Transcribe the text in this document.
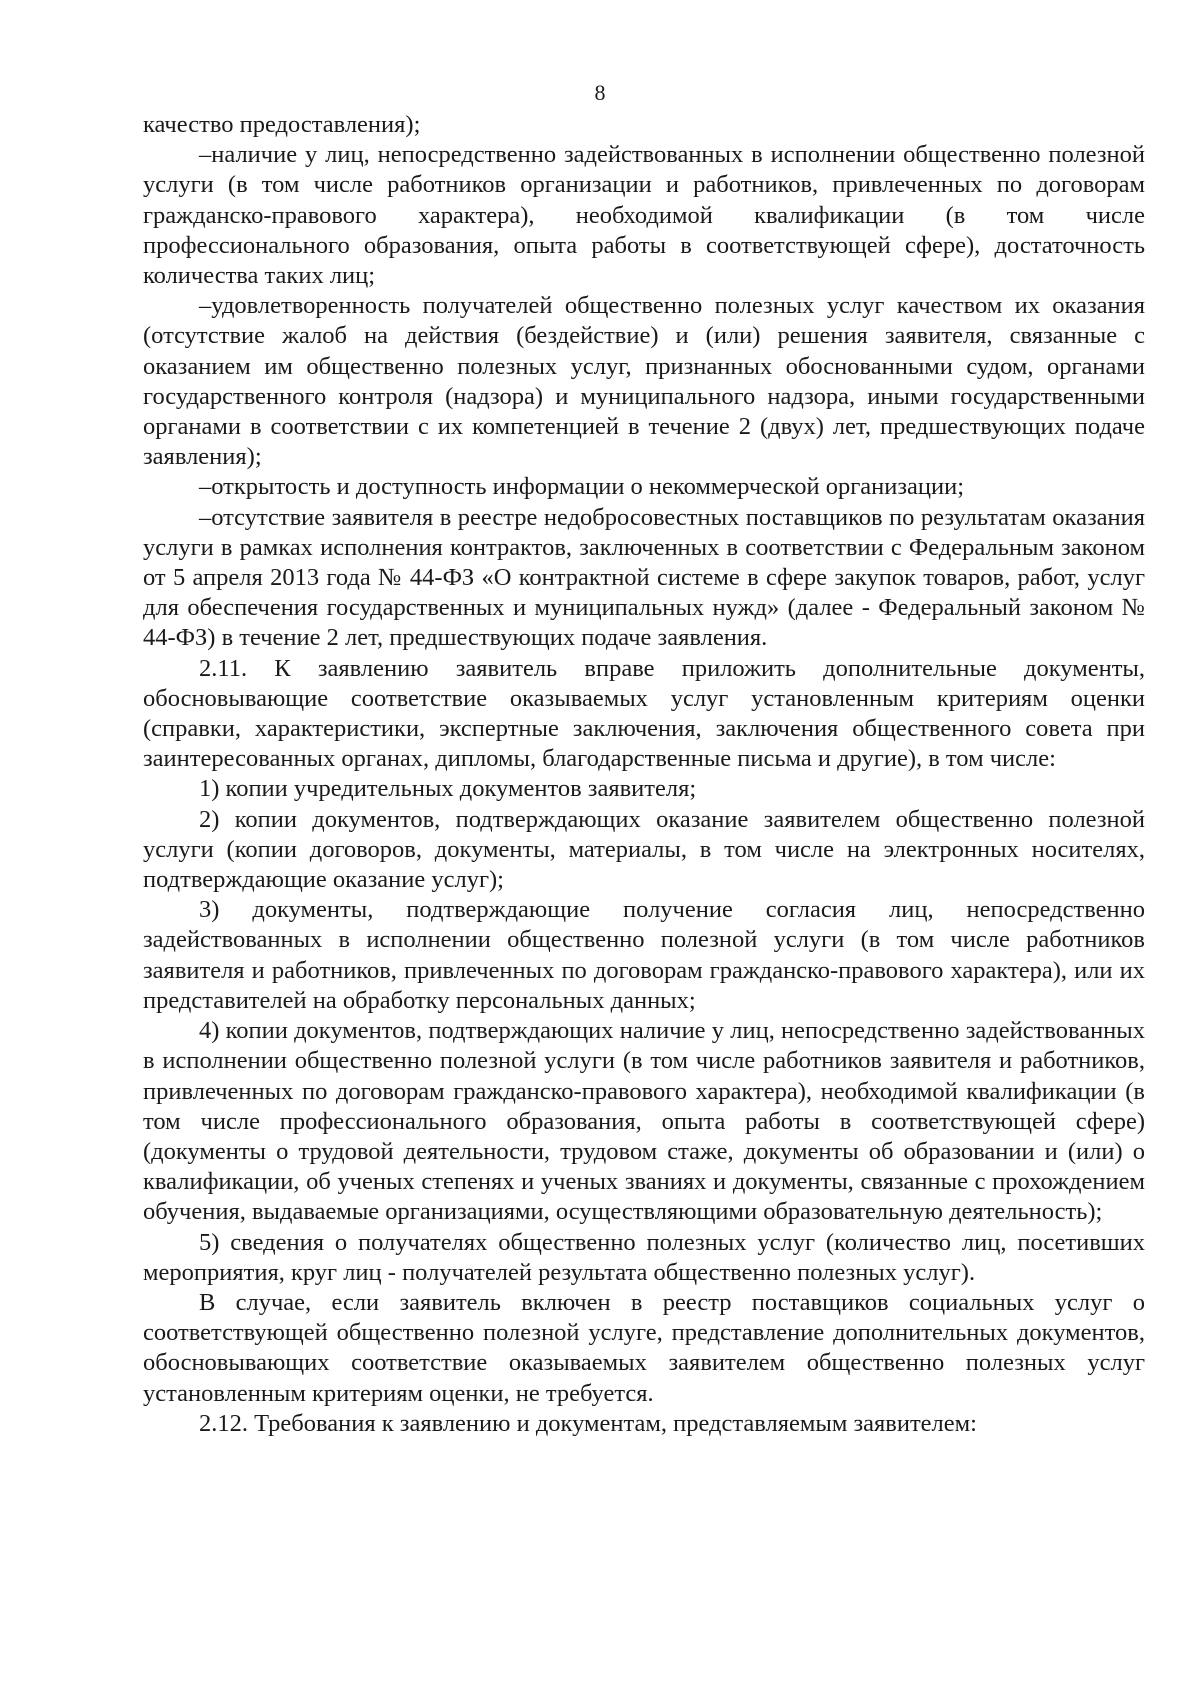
8

качество предоставления);

–наличие у лиц, непосредственно задействованных в исполнении общественно полезной услуги (в том числе работников организации и работников, привлеченных по договорам гражданско-правового характера), необходимой квалификации (в том числе профессионального образования, опыта работы в соответствующей сфере), достаточность количества таких лиц;

–удовлетворенность получателей общественно полезных услуг качеством их оказания (отсутствие жалоб на действия (бездействие) и (или) решения заявителя, связанные с оказанием им общественно полезных услуг, признанных обоснованными судом, органами государственного контроля (надзора) и муниципального надзора, иными государственными органами в соответствии с их компетенцией в течение 2 (двух) лет, предшествующих подаче заявления);

–открытость и доступность информации о некоммерческой организации;

–отсутствие заявителя в реестре недобросовестных поставщиков по результатам оказания услуги в рамках исполнения контрактов, заключенных в соответствии с Федеральным законом от 5 апреля 2013 года № 44-ФЗ «О контрактной системе в сфере закупок товаров, работ, услуг для обеспечения государственных и муниципальных нужд» (далее - Федеральный законом № 44-ФЗ) в течение 2 лет, предшествующих подаче заявления.

2.11. К заявлению заявитель вправе приложить дополнительные документы, обосновывающие соответствие оказываемых услуг установленным критериям оценки (справки, характеристики, экспертные заключения, заключения общественного совета при заинтересованных органах, дипломы, благодарственные письма и другие), в том числе:

1) копии учредительных документов заявителя;

2) копии документов, подтверждающих оказание заявителем общественно полезной услуги (копии договоров, документы, материалы, в том числе на электронных носителях, подтверждающие оказание услуг);

3) документы, подтверждающие получение согласия лиц, непосредственно задействованных в исполнении общественно полезной услуги (в том числе работников заявителя и работников, привлеченных по договорам гражданско-правового характера), или их представителей на обработку персональных данных;

4) копии документов, подтверждающих наличие у лиц, непосредственно задействованных в исполнении общественно полезной услуги (в том числе работников заявителя и работников, привлеченных по договорам гражданско-правового характера), необходимой квалификации (в том числе профессионального образования, опыта работы в соответствующей сфере) (документы о трудовой деятельности, трудовом стаже, документы об образовании и (или) о квалификации, об ученых степенях и ученых званиях и документы, связанные с прохождением обучения, выдаваемые организациями, осуществляющими образовательную деятельность);

5) сведения о получателях общественно полезных услуг (количество лиц, посетивших мероприятия, круг лиц - получателей результата общественно полезных услуг).

В случае, если заявитель включен в реестр поставщиков социальных услуг о соответствующей общественно полезной услуге, представление дополнительных документов, обосновывающих соответствие оказываемых заявителем общественно полезных услуг установленным критериям оценки, не требуется.

2.12. Требования к заявлению и документам, представляемым заявителем:
